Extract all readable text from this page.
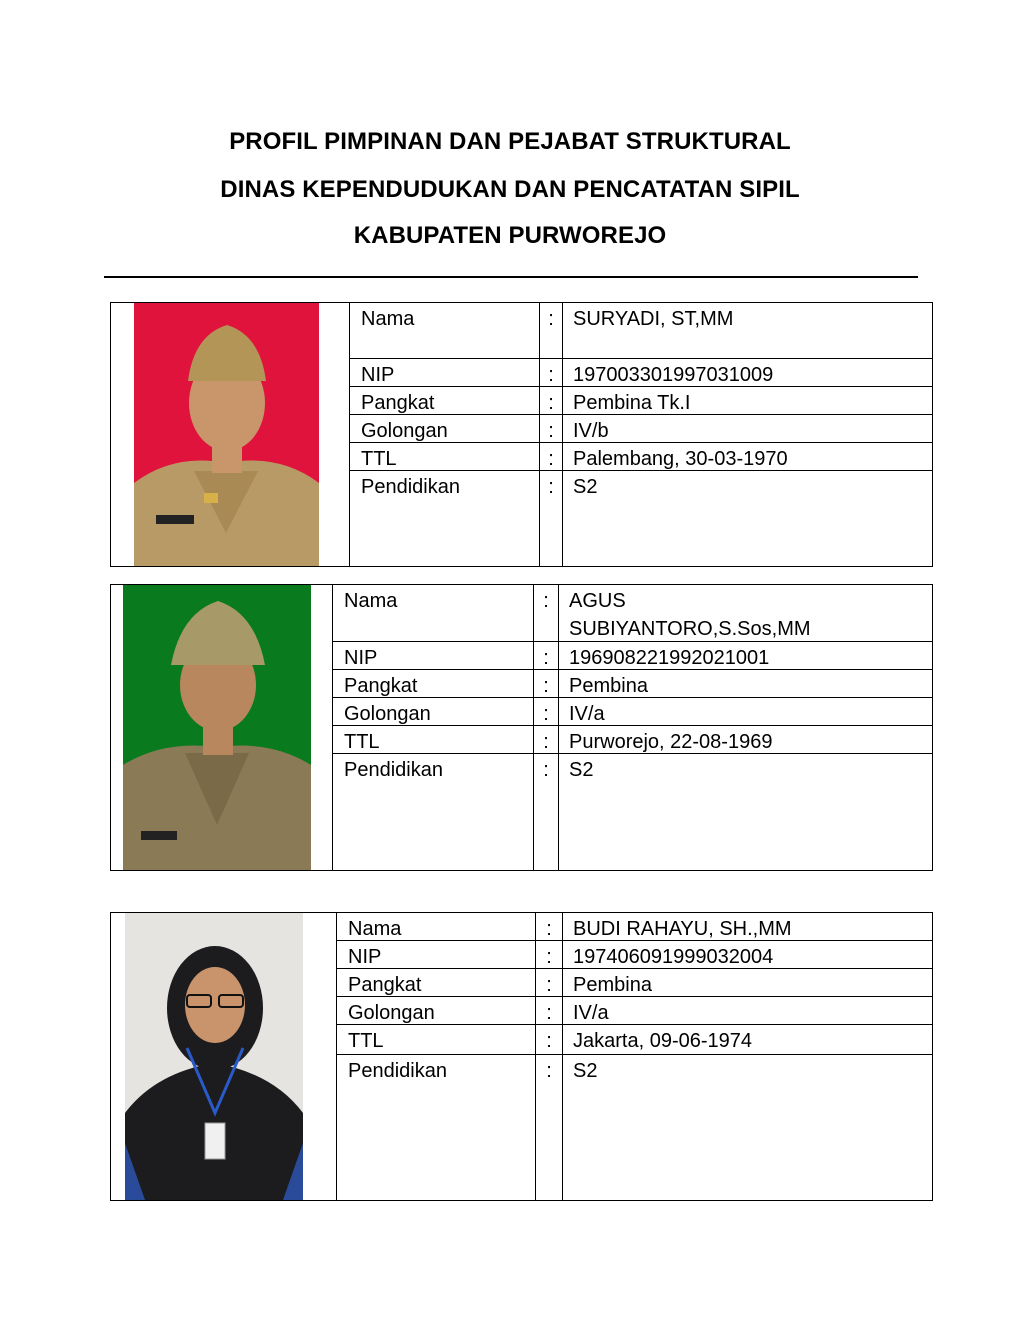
PROFIL PIMPINAN DAN PEJABAT STRUKTURAL
DINAS KEPENDUDUKAN DAN PENCATATAN SIPIL
KABUPATEN PURWOREJO
Nama	: SURYADI, ST,MM
NIP	: 197003301997031009
Pangkat	: Pembina Tk.I
Golongan	: IV/b
TTL	: Palembang, 30-03-1970
Pendidikan	: S2
Nama	:	AGUS
SUBIYANTORO,S.Sos,MM
NIP	:	196908221992021001
Pangkat	:	Pembina
Golongan	:	IV/a
TTL	:	Purworejo, 22-08-1969
Pendidikan	:	S2
Nama	:	BUDI RAHAYU, SH.,MM
NIP	:	197406091999032004
Pangkat	:	Pembina
Golongan	:	IV/a
TTL	:	Jakarta, 09-06-1974
Pendidikan	:	S2
